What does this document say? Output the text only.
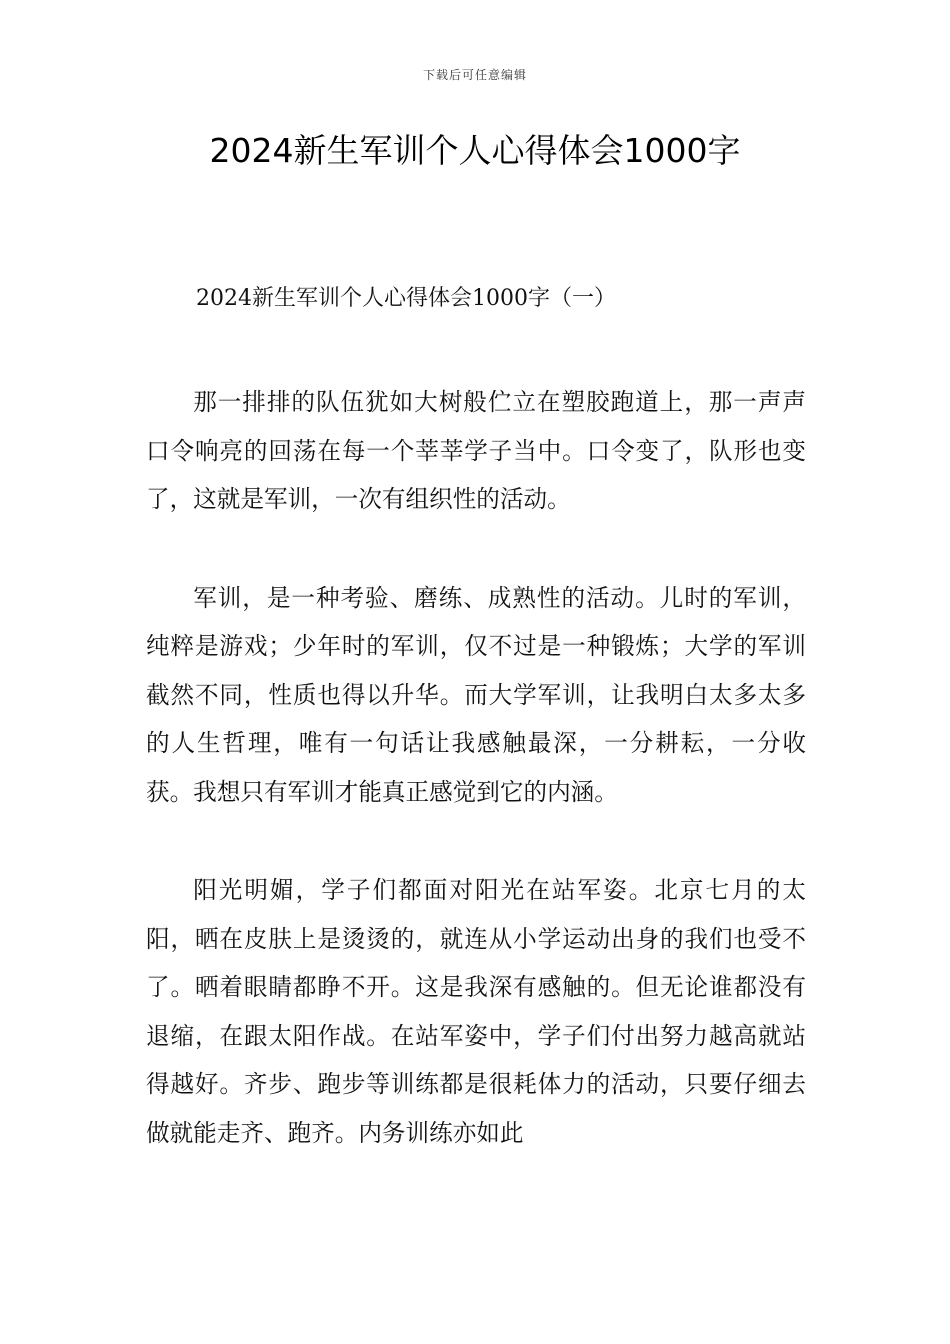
下载后可任意编辑
2024新生军训个人心得体会1000字

2024新生军训个人心得体会1000字（一）

那一排排的队伍犹如大树般伫立在塑胶跑道上，那一声声口令响亮的回荡在每一个莘莘学子当中。口令变了，队形也变了，这就是军训，一次有组织性的活动。

军训，是一种考验、磨练、成熟性的活动。儿时的军训，纯粹是游戏；少年时的军训，仅不过是一种锻炼；大学的军训截然不同，性质也得以升华。而大学军训，让我明白太多太多的人生哲理，唯有一句话让我感触最深，一分耕耘，一分收获。我想只有军训才能真正感觉到它的内涵。

阳光明媚，学子们都面对阳光在站军姿。北京七月的太阳，晒在皮肤上是烫烫的，就连从小学运动出身的我们也受不了。晒着眼睛都睁不开。这是我深有感触的。但无论谁都没有退缩，在跟太阳作战。在站军姿中，学子们付出努力越高就站得越好。齐步、跑步等训练都是很耗体力的活动，只要仔细去做就能走齐、跑齐。内务训练亦如此
